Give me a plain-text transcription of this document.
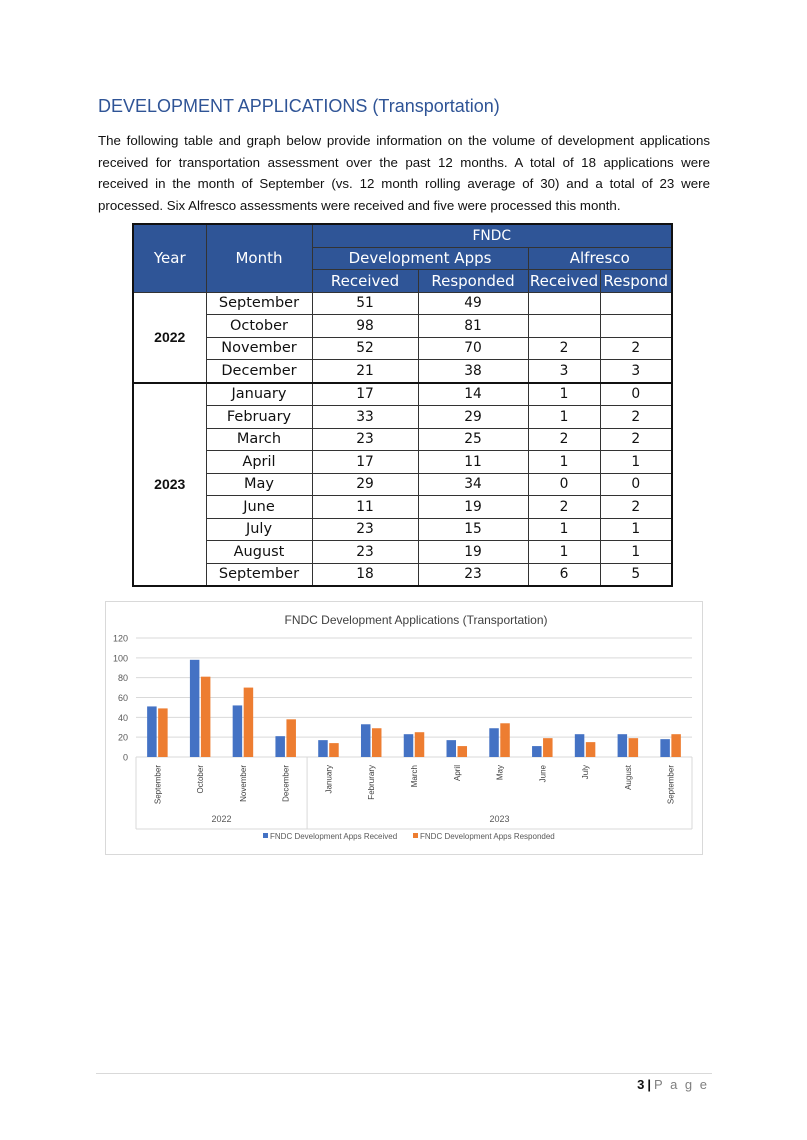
DEVELOPMENT APPLICATIONS (Transportation)

The following table and graph below provide information on the volume of development applications received for transportation assessment over the past 12 months. A total of 18 applications were received in the month of September (vs. 12 month rolling average of 30) and a total of 23 were processed. Six Alfresco assessments were received and five were processed this month.

Year	Month	FNDC			
		Development Apps		Alfresco	
		Received	Responded	Received	Respond
2022	September	51	49		
	October	98	81		
	November	52	70	2	2
	December	21	38	3	3
2023	January	17	14	1	0
	February	33	29	1	2
	March	23	25	2	2
	April	17	11	1	1
	May	29	34	0	0
	June	11	19	2	2
	July	23	15	1	1
	August	23	19	1	1
	September	18	23	6	5
FNDC Development Applications (Transportation)
0
20
40
60
80
100
120
September	October	November	December	January	Februrary	March	April	May	June	July	August	September
2022	2023
FNDC Development Apps Received	FNDC Development Apps Responded
3 | P a g e
